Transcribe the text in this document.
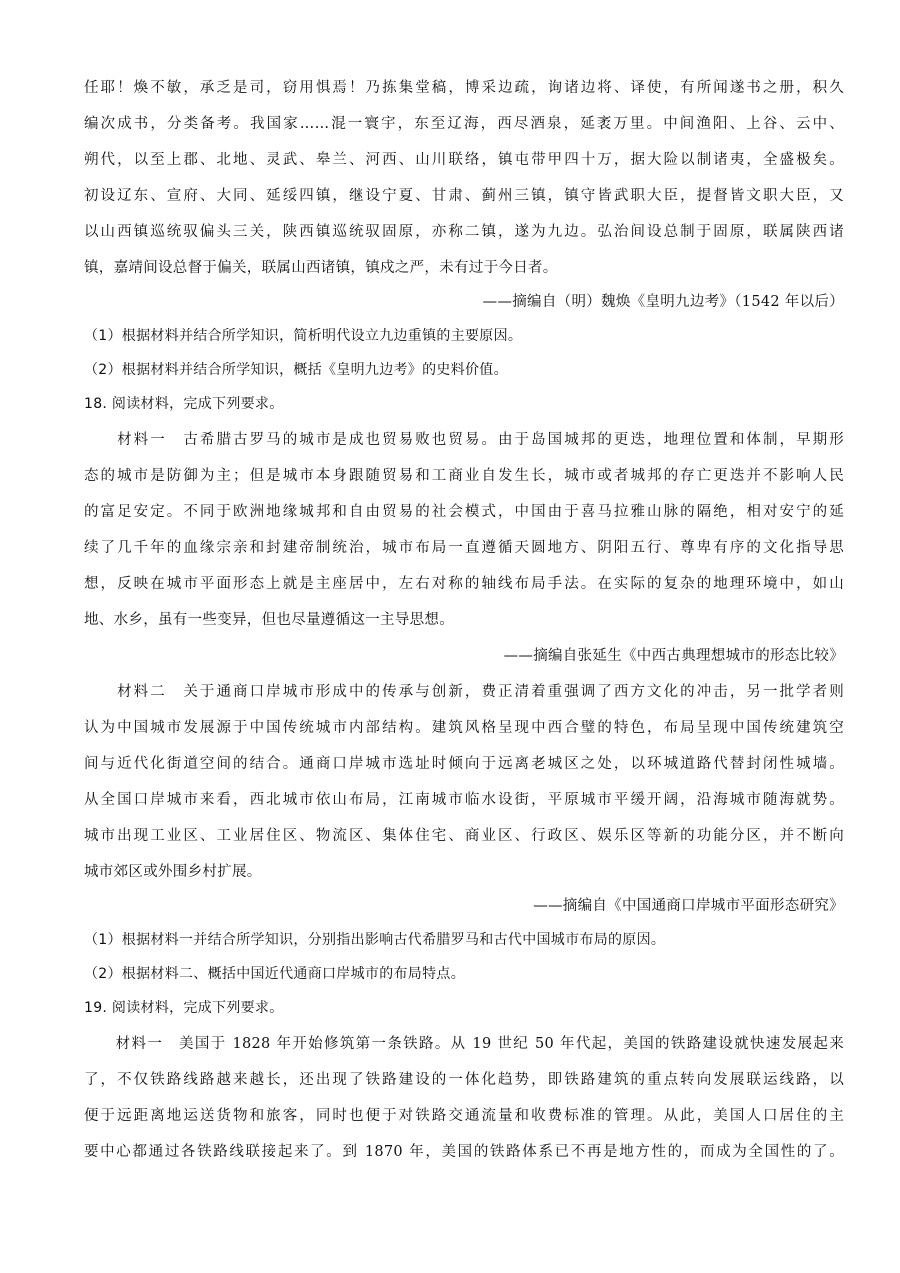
任耶！煥不敏，承乏是司，窃用惧焉！乃拣集堂稿，博采边疏，询诸边将、译使，有所闻遂书之册，积久
编次成书，分类备考。我国家……混一寰宇，东至辽海，西尽酒泉，延袤万里。中间渔阳、上谷、云中、
朔代，以至上郡、北地、灵武、皋兰、河西、山川联络，镇屯带甲四十万，据大险以制诸夷，全盛极矣。
初设辽东、宣府、大同、延绥四镇，继设宁夏、甘肃、蓟州三镇，镇守皆武职大臣，提督皆文职大臣，又
以山西镇巡统驭偏头三关，陕西镇巡统驭固原，亦称二镇，遂为九边。弘治间设总制于固原，联属陕西诸
镇，嘉靖间设总督于偏关，联属山西诸镇，镇戍之严，未有过于今日者。
——摘编自（明）魏焕《皇明九边考》（1542 年以后）
（1）根据材料并结合所学知识，简析明代设立九边重镇的主要原因。
（2）根据材料并结合所学知识，概括《皇明九边考》的史料价值。
18. 阅读材料，完成下列要求。
　　材料一　古希腊古罗马的城市是成也贸易败也贸易。由于岛国城邦的更迭，地理位置和体制，早期形
态的城市是防御为主；但是城市本身跟随贸易和工商业自发生长，城市或者城邦的存亡更迭并不影响人民
的富足安定。不同于欧洲地缘城邦和自由贸易的社会模式，中国由于喜马拉雅山脉的隔绝，相对安宁的延
续了几千年的血缘宗亲和封建帝制统治，城市布局一直遵循天圆地方、阴阳五行、尊卑有序的文化指导思
想，反映在城市平面形态上就是主座居中，左右对称的轴线布局手法。在实际的复杂的地理环境中，如山
地、水乡，虽有一些变异，但也尽量遵循这一主导思想。
——摘编自张延生《中西古典理想城市的形态比较》
　　材料二　关于通商口岸城市形成中的传承与创新，费正清着重强调了西方文化的冲击，另一批学者则
认为中国城市发展源于中国传统城市内部结构。建筑风格呈现中西合璧的特色，布局呈现中国传统建筑空
间与近代化街道空间的结合。通商口岸城市选址时倾向于远离老城区之处，以环城道路代替封闭性城墙。
从全国口岸城市来看，西北城市依山布局，江南城市临水设街，平原城市平缓开阔，沿海城市随海就势。
城市出现工业区、工业居住区、物流区、集体住宅、商业区、行政区、娱乐区等新的功能分区，并不断向
城市郊区或外围乡村扩展。
——摘编自《中国通商口岸城市平面形态研究》
（1）根据材料一并结合所学知识，分别指出影响古代希腊罗马和古代中国城市布局的原因。
（2）根据材料二、概括中国近代通商口岸城市的布局特点。
19. 阅读材料，完成下列要求。
　　材料一　美国于 1828 年开始修筑第一条铁路。从 19 世纪 50 年代起，美国的铁路建设就快速发展起来
了，不仅铁路线路越来越长，还出现了铁路建设的一体化趋势，即铁路建筑的重点转向发展联运线路，以
便于远距离地运送货物和旅客，同时也便于对铁路交通流量和收费标准的管理。从此，美国人口居住的主
要中心都通过各铁路线联接起来了。到 1870 年，美国的铁路体系已不再是地方性的，而成为全国性的了。
